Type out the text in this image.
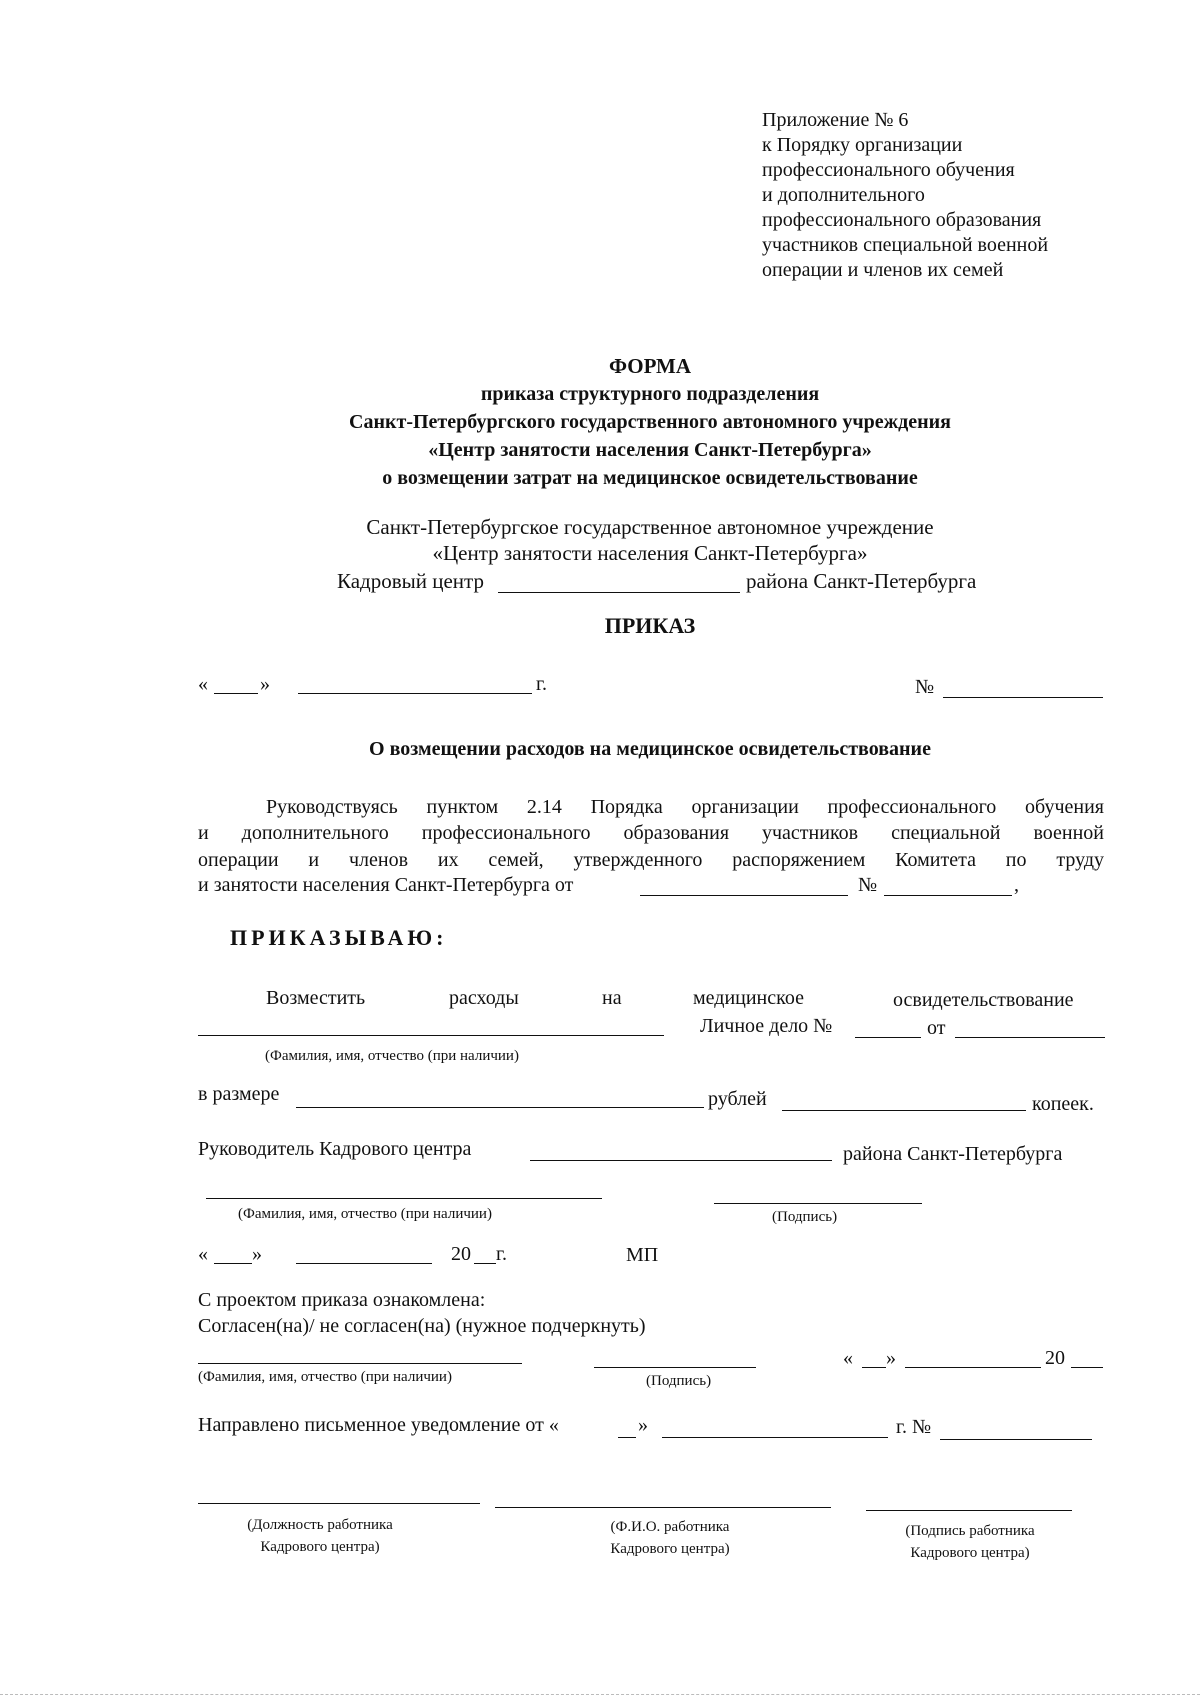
Приложение № 6
к Порядку организации
профессионального обучения
и дополнительного
профессионального образования
участников специальной военной
операции и членов их семей
ФОРМА
приказа структурного подразделения
Санкт-Петербургского государственного автономного учреждения
«Центр занятости населения Санкт-Петербурга»
о возмещении затрат на медицинское освидетельствование
Санкт-Петербургское государственное автономное учреждение
«Центр занятости населения Санкт-Петербурга»
Кадровый центр	района Санкт-Петербурга
ПРИКАЗ
«	»	г.	№
О возмещении расходов на медицинское освидетельствование
Руководствуясь пунктом 2.14 Порядка организации профессионального обучения
и дополнительного профессионального образования участников специальной военной
операции и членов их семей, утвержденного распоряжением Комитета по труду
и занятости населения Санкт-Петербурга от	№	,
ПРИКАЗЫВАЮ:
Возместить	расходы	на	медицинское	освидетельствование
Личное дело №	от
(Фамилия, имя, отчество (при наличии)
в размере	рублей	копеек.
Руководитель Кадрового центра	района Санкт-Петербурга
(Фамилия, имя, отчество (при наличии)	(Подпись)
« »	20 г.	МП
С проектом приказа ознакомлена:
Согласен(на)/ не согласен(на) (нужное подчеркнуть)
« »	20
(Фамилия, имя, отчество (при наличии)	(Подпись)
Направлено письменное уведомление от «	»	г. №
(Должность работника
Кадрового центра)
(Ф.И.О. работника
Кадрового центра)
(Подпись работника
Кадрового центра)
